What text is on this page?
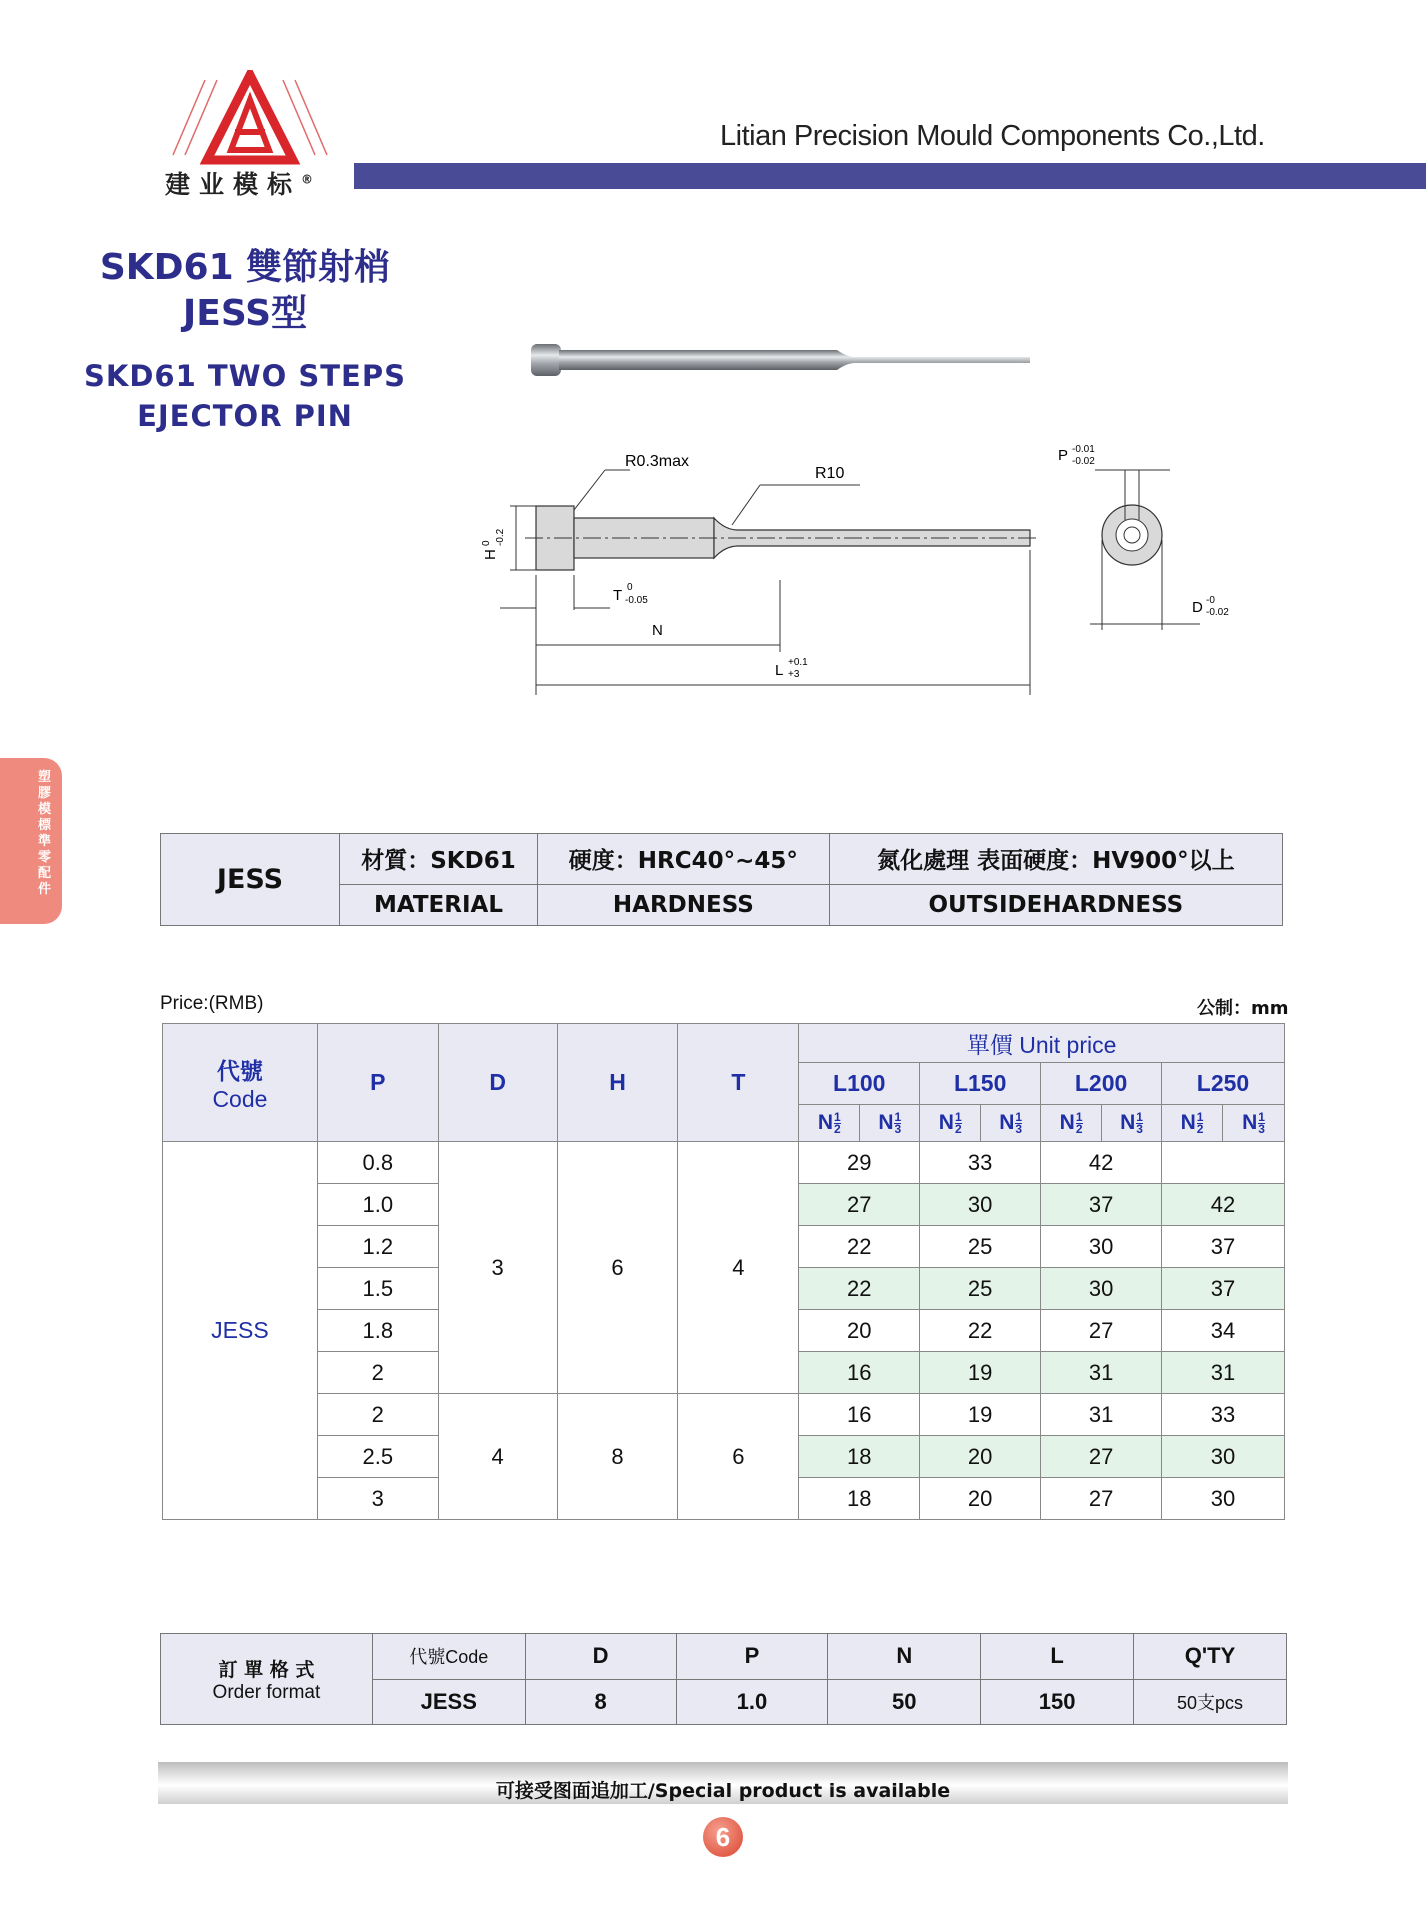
建业模标®
Litian Precision Mould Components Co.,Ltd.
SKD61 雙節射梢
JESS型
SKD61 TWO STEPS
EJECTOR PIN
R0.3max
R10
H
0 -0.2
T 0
-0.05
N
L +0.1
+3
P -0.01
-0.02
D -0
-0.02
塑膠模標準零配件	JESS	材質：SKD61	硬度：HRC40°~45°	氮化處理 表面硬度：HV900°以上
	MATERIAL	HARDNESS	OUTSIDEHARDNESS
Price:(RMB)	公制：mm
代號
Code	P	D	H	T	單價 Unit price							
					L100		L150		L200		L250	
					N $\frac{1}{2}$	N $\frac{1}{3}$	N $\frac{1}{2}$	N $\frac{1}{3}$	N $\frac{1}{2}$	N $\frac{1}{3}$	N $\frac{1}{2}$	N $\frac{1}{3}$

JESS	0.8	3	6	4	29		33		42			
	1.0				27		30		37		42	
	1.2				22		25		30		37	
	1.5				22		25		30		37	
	1.8				20		22		27		34	
	2				16		19		31		31	
	2	4	8	6	16		19		31		33	
	2.5				18		20		27		30	
	3				18		20		27		30	
訂 單 格 式
Order format	代號Code	D	P	N	L	Q'TY
	JESS	8	1.0	50	150	50支pcs
可接受图面追加工/Special product is available
6
